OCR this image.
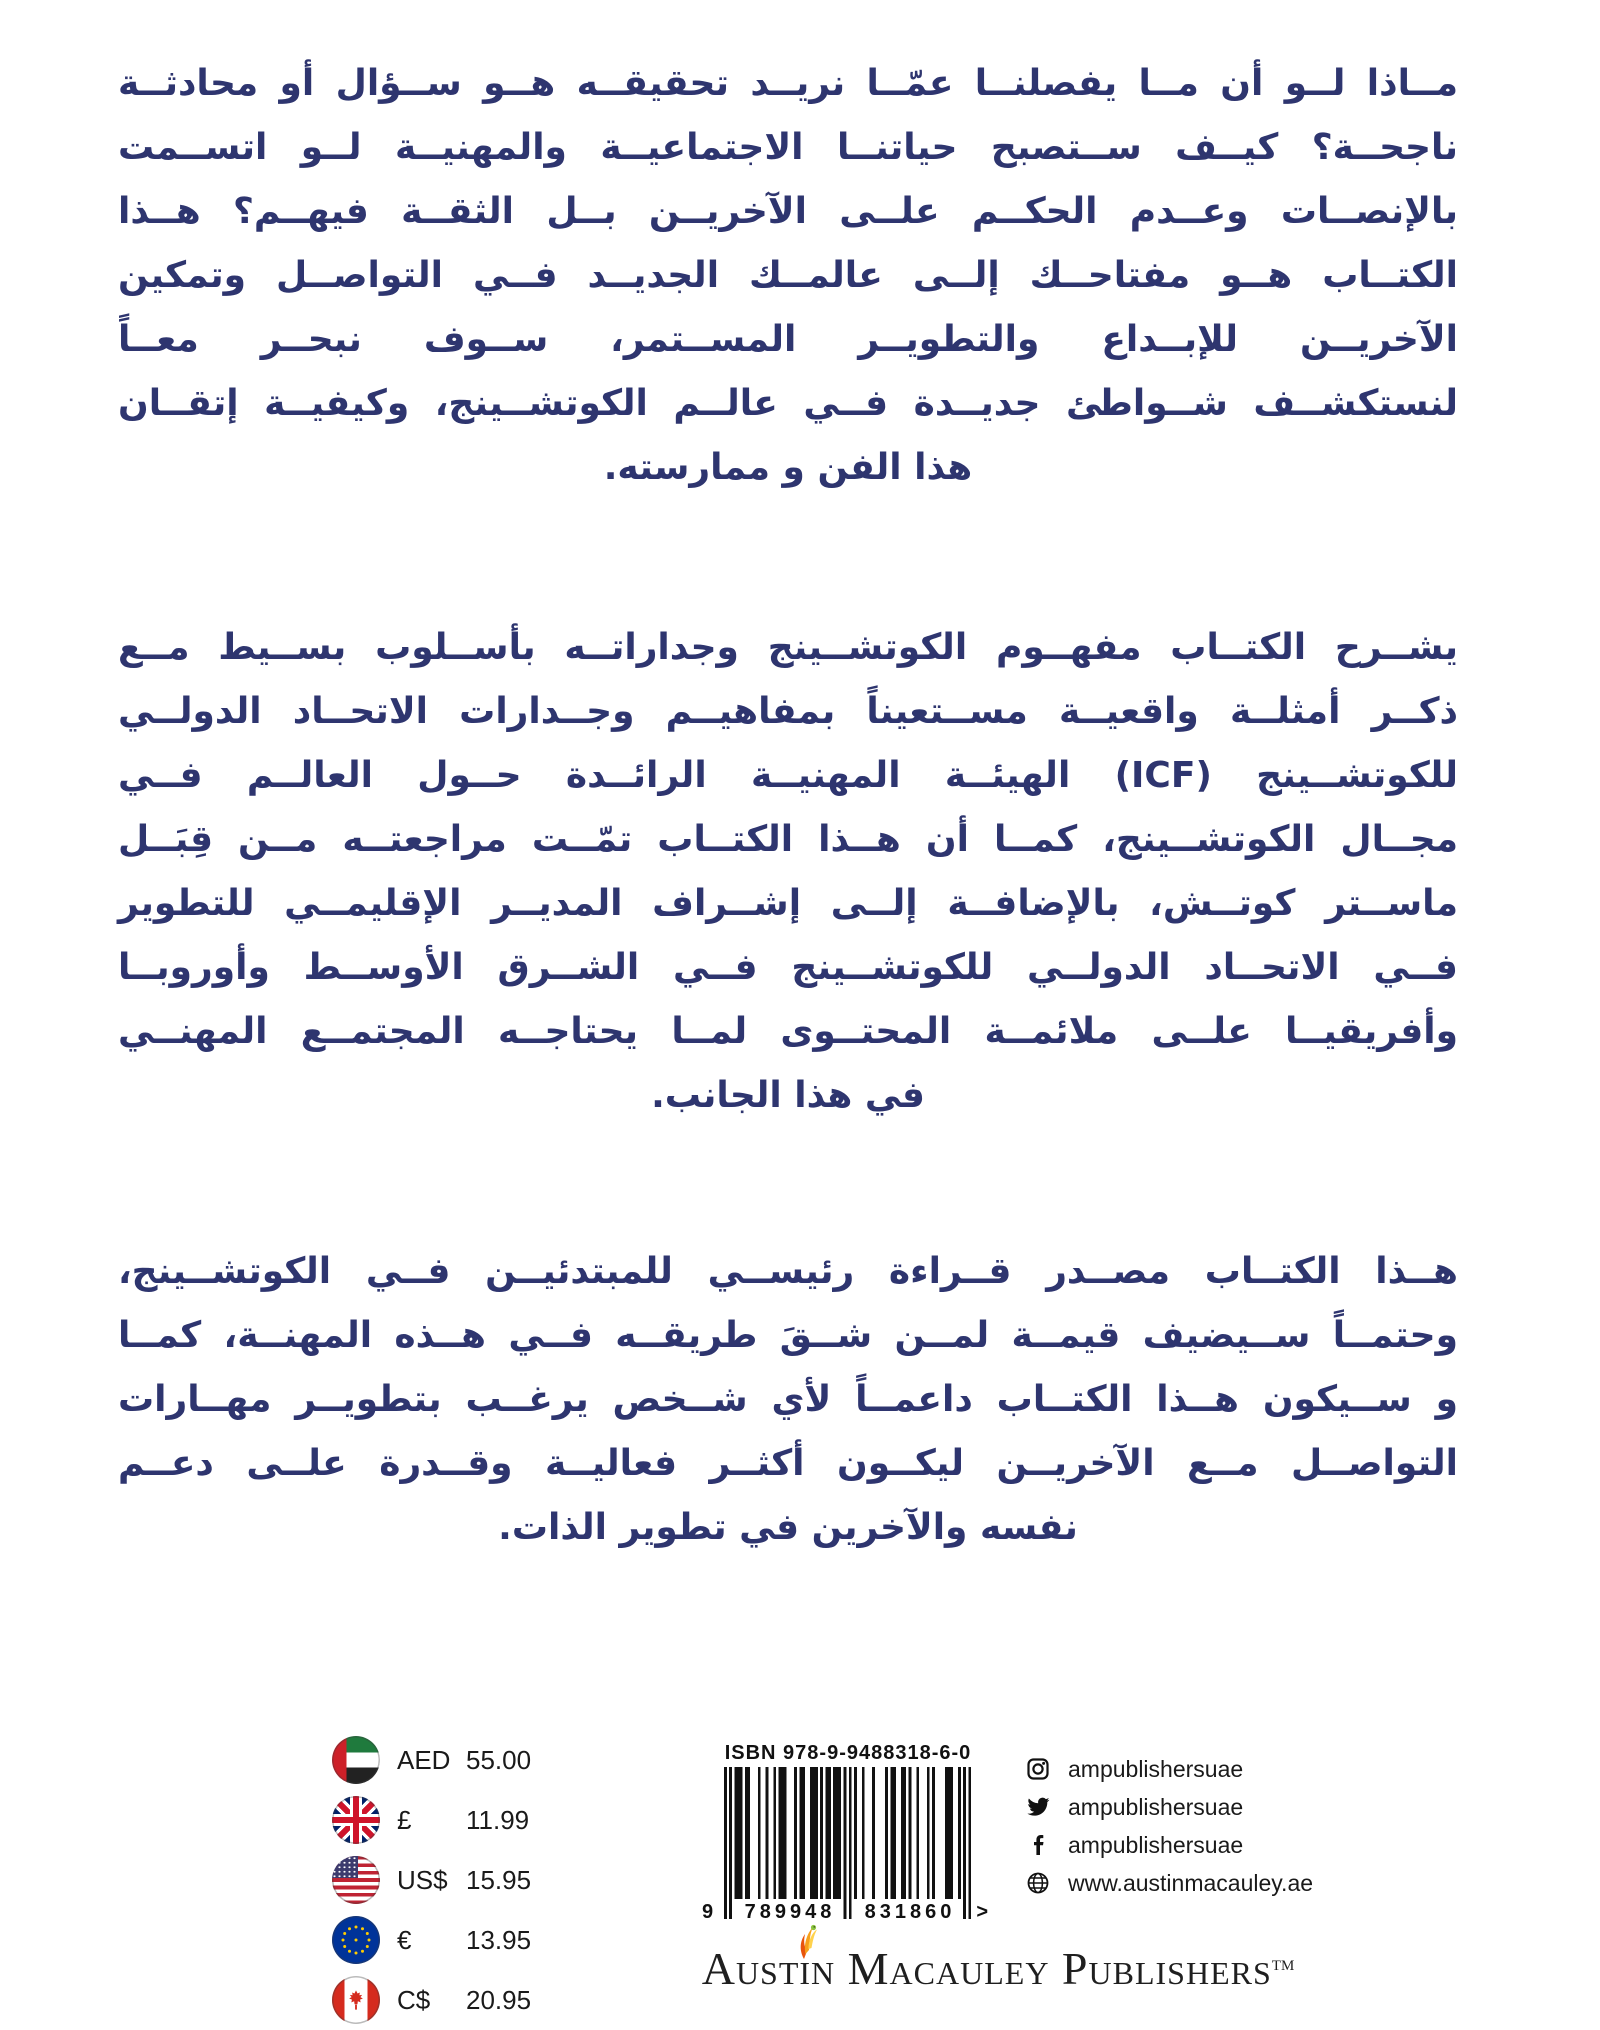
مــاذا لــو أن مــا يفصلنــا عمّــا نريــد تحقيقــه هــو ســؤال أو محادثــة
ناجحــة؟ كيــف ســتصبح حياتنــا الاجتماعيــة والمهنيــة لــو اتســمت
بالإنصــات وعــدم الحكــم علــى الآخريــن بــل الثقــة فيهــم؟ هــذا
الكتــاب هــو مفتاحــك إلــى عالمــك الجديــد فــي التواصــل وتمكين
الآخريــن للإبــداع والتطويــر المســتمر، ســوف نبحــر معــاً
لنستكشــف شــواطئ جديــدة فــي عالــم الكوتشــينج، وكيفيــة إتقــان
هذا الفن و ممارسته.
يشــرح الكتــاب مفهــوم الكوتشــينج وجداراتــه بأســلوب بســيط مــع
ذكــر أمثلــة واقعيــة مســتعيناً بمفاهيــم وجــدارات الاتحــاد الدولــي
للكوتشــينج (ICF) الهيئــة المهنيــة الرائــدة حــول العالــم فــي
مجــال الكوتشــينج، كمــا أن هــذا الكتــاب تمّــت مراجعتــه مــن قِبَــل
ماســتر كوتــش، بالإضافــة إلــى إشــراف المديــر الإقليمــي للتطوير
فــي الاتحــاد الدولــي للكوتشــينج فــي الشــرق الأوســط وأوروبــا
وأفريقيــا علــى ملائمــة المحتــوى لمــا يحتاجــه المجتمــع المهنــي
في هذا الجانب.
هــذا الكتــاب مصــدر قــراءة رئيســي للمبتدئيــن فــي الكوتشــينج،
وحتمــاً ســيضيف قيمــة لمــن شــقَ طريقــه فــي هــذه المهنــة، كمــا
و ســيكون هــذا الكتــاب داعمــاً لأي شــخص يرغــب بتطويــر مهــارات
التواصــل مــع الآخريــن ليكــون أكثــر فعاليــة وقــدرة علــى دعــم
نفسه والآخرين في تطوير الذات.
AED 55.00
£	11.99
US$ 15.95
€	13.95
C$	20.95
ISBN 978-9-9488318-6-0
9	789948	831860	>
ampublishersuae
ampublishersuae
ampublishersuae
www.austinmacauley.ae
Austin Macauley Publishers™
